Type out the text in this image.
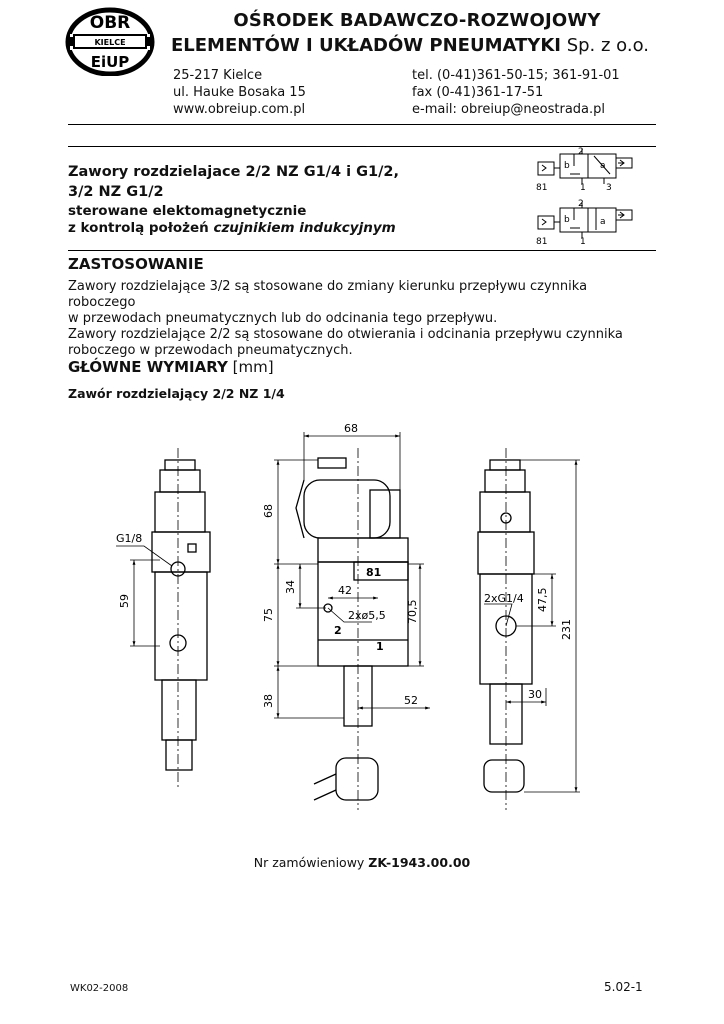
OBR
KIELCE
EiUP
OŚRODEK BADAWCZO-ROZWOJOWY
ELEMENTÓW I UKŁADÓW PNEUMATYKI Sp. z o.o.
25-217 Kielce
ul. Hauke Bosaka 15
www.obreiup.com.pl
tel. (0-41)361-50-15; 361-91-01
fax (0-41)361-17-51
e-mail: obreiup@neostrada.pl
Zawory rozdzielajace 2/2 NZ G1/4 i G1/2,
3/2 NZ G1/2
sterowane elektomagnetycznie
z kontrolą położeń czujnikiem indukcyjnym
2
b	a
81	1 3
2
b	a
81	1
ZASTOSOWANIE
Zawory rozdzielające 3/2 są stosowane do zmiany kierunku przepływu czynnika roboczego
w przewodach pneumatycznych lub do odcinania tego przepływu.
Zawory rozdzielające 2/2 są stosowane do otwierania i odcinania przepływu czynnika
roboczego w przewodach pneumatycznych.
GŁÓWNE WYMIARY [mm]
Zawór rozdzielający 2/2 NZ 1/4
G1/8
59
68
68
34	42
75	70,5
38	52
2xø5,5
81
2
1
2xG1/4 47,5
231
30
Nr zamówieniowy ZK-1943.00.00
WK02-2008	5.02-1
